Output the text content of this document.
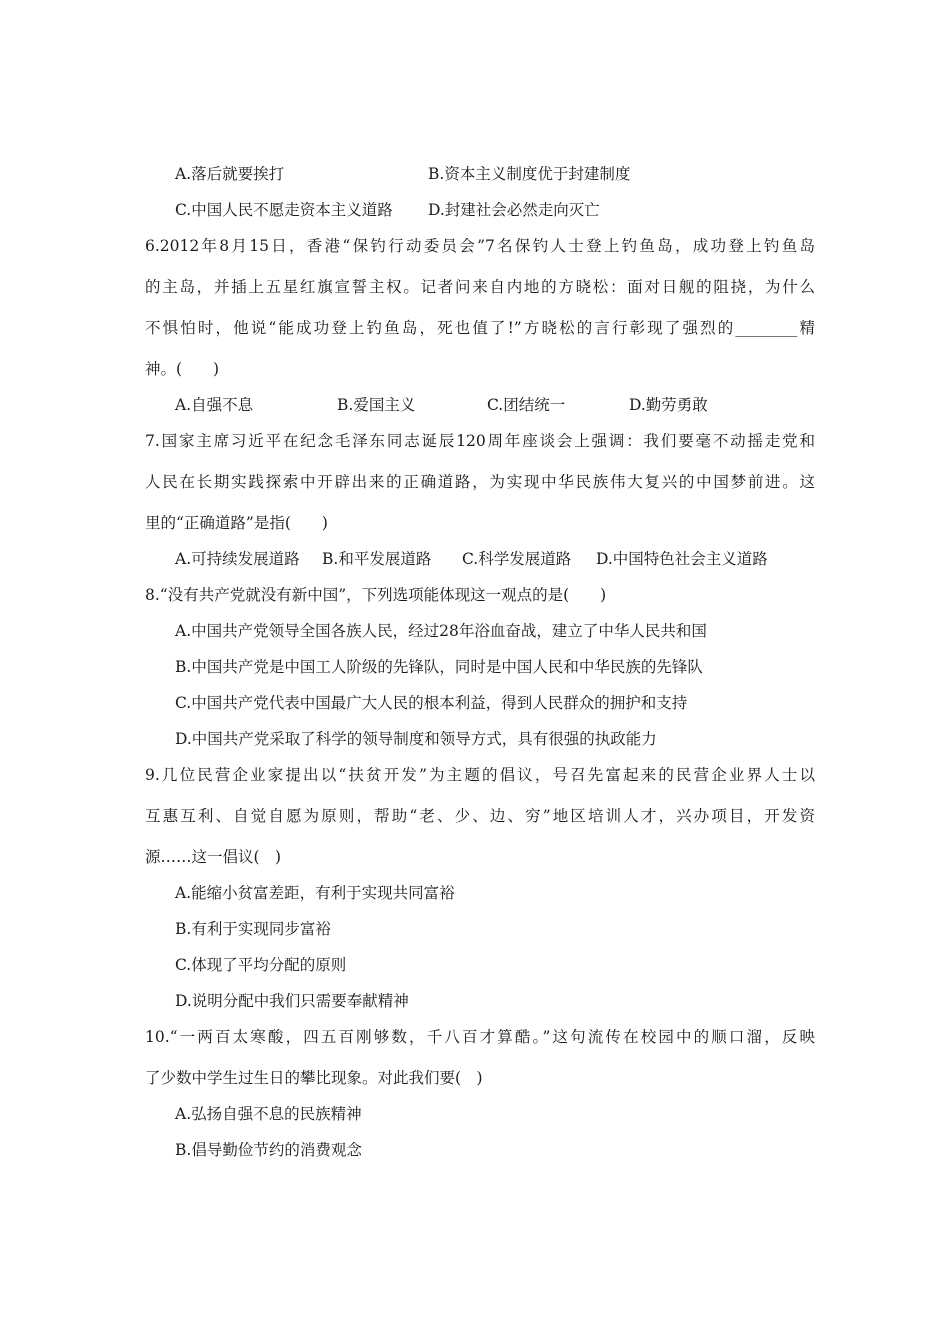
A.落后就要挨打	B.资本主义制度优于封建制度
C.中国人民不愿走资本主义道路 D.封建社会必然走向灭亡
6.2012年8月15日，香港“保钓行动委员会”7名保钓人士登上钓鱼岛，成功登上钓鱼岛
的主岛，并插上五星红旗宣誓主权。记者问来自内地的方晓松：面对日舰的阻挠，为什么
不惧怕时，他说“能成功登上钓鱼岛，死也值了!”方晓松的言行彰现了强烈的________精
神。(　　)
A.自强不息	B.爱国主义	C.团结统一	D.勤劳勇敢
7.国家主席习近平在纪念毛泽东同志诞辰120周年座谈会上强调：我们要毫不动摇走党和
人民在长期实践探索中开辟出来的正确道路，为实现中华民族伟大复兴的中国梦前进。这
里的“正确道路”是指(　　)
A.可持续发展道路 B.和平发展道路 C.科学发展道路 D.中国特色社会主义道路
8.“没有共产党就没有新中国”，下列选项能体现这一观点的是(　　)
A.中国共产党领导全国各族人民，经过28年浴血奋战，建立了中华人民共和国
B.中国共产党是中国工人阶级的先锋队，同时是中国人民和中华民族的先锋队
C.中国共产党代表中国最广大人民的根本利益，得到人民群众的拥护和支持
D.中国共产党采取了科学的领导制度和领导方式，具有很强的执政能力
9.几位民营企业家提出以“扶贫开发”为主题的倡议，号召先富起来的民营企业界人士以
互惠互利、自觉自愿为原则，帮助“老、少、边、穷”地区培训人才，兴办项目，开发资
源……这一倡议(　)
A.能缩小贫富差距，有利于实现共同富裕
B.有利于实现同步富裕
C.体现了平均分配的原则
D.说明分配中我们只需要奉献精神
10.“一两百太寒酸，四五百刚够数，千八百才算酷。”这句流传在校园中的顺口溜，反映
了少数中学生过生日的攀比现象。对此我们要(　)
A.弘扬自强不息的民族精神
B.倡导勤俭节约的消费观念
